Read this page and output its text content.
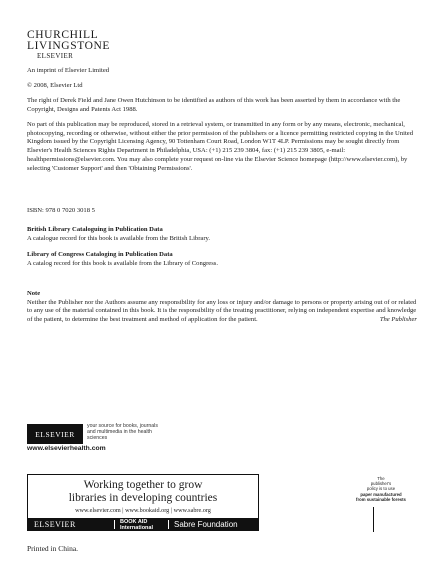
CHURCHILL
LIVINGSTONE
ELSEVIER
An imprint of Elsevier Limited
© 2008, Elsevier Ltd
The right of Derek Field and Jane Owen Hutchinson to be identified as authors of this work has been asserted by them in accordance with the Copyright, Designs and Patents Act 1988.
No part of this publication may be reproduced, stored in a retrieval system, or transmitted in any form or by any means, electronic, mechanical, photocopying, recording or otherwise, without either the prior permission of the publishers or a licence permitting restricted copying in the United Kingdom issued by the Copyright Licensing Agency, 90 Tottenham Court Road, London W1T 4LP. Permissions may be sought directly from Elsevier's Health Sciences Rights Department in Philadelphia, USA: (+1) 215 239 3804, fax: (+1) 215 239 3805, e-mail: healthpermissions@elsevier.com. You may also complete your request on-line via the Elsevier Science homepage (http://www.elsevier.com), by selecting 'Customer Support' and then 'Obtaining Permissions'.
ISBN: 978 0 7020 3018 5

British Library Cataloguing in Publication Data

A catalogue record for this book is available from the British Library.

Library of Congress Cataloging in Publication Data

A catalog record for this book is available from the Library of Congress.

Note

Neither the Publisher nor the Authors assume any responsibility for any loss or injury and/or damage to persons or property arising out of or related to any use of the material contained in this book. It is the responsibility of the treating practitioner, relying on independent expertise and knowledge of the patient, to determine the best treatment and method of application for the patient.	The Publisher

ELSEVIER
your source for books, journals and multimedia in the health sciences
www.elsevierhealth.com
Working together to grow
libraries in developing countries
www.elsevier.com | www.bookaid.org | www.sabre.org
ELSEVIER	BOOK AID International	Sabre Foundation
The
publisher's
policy is to use
paper manufactured
from sustainable forests
Printed in China.
